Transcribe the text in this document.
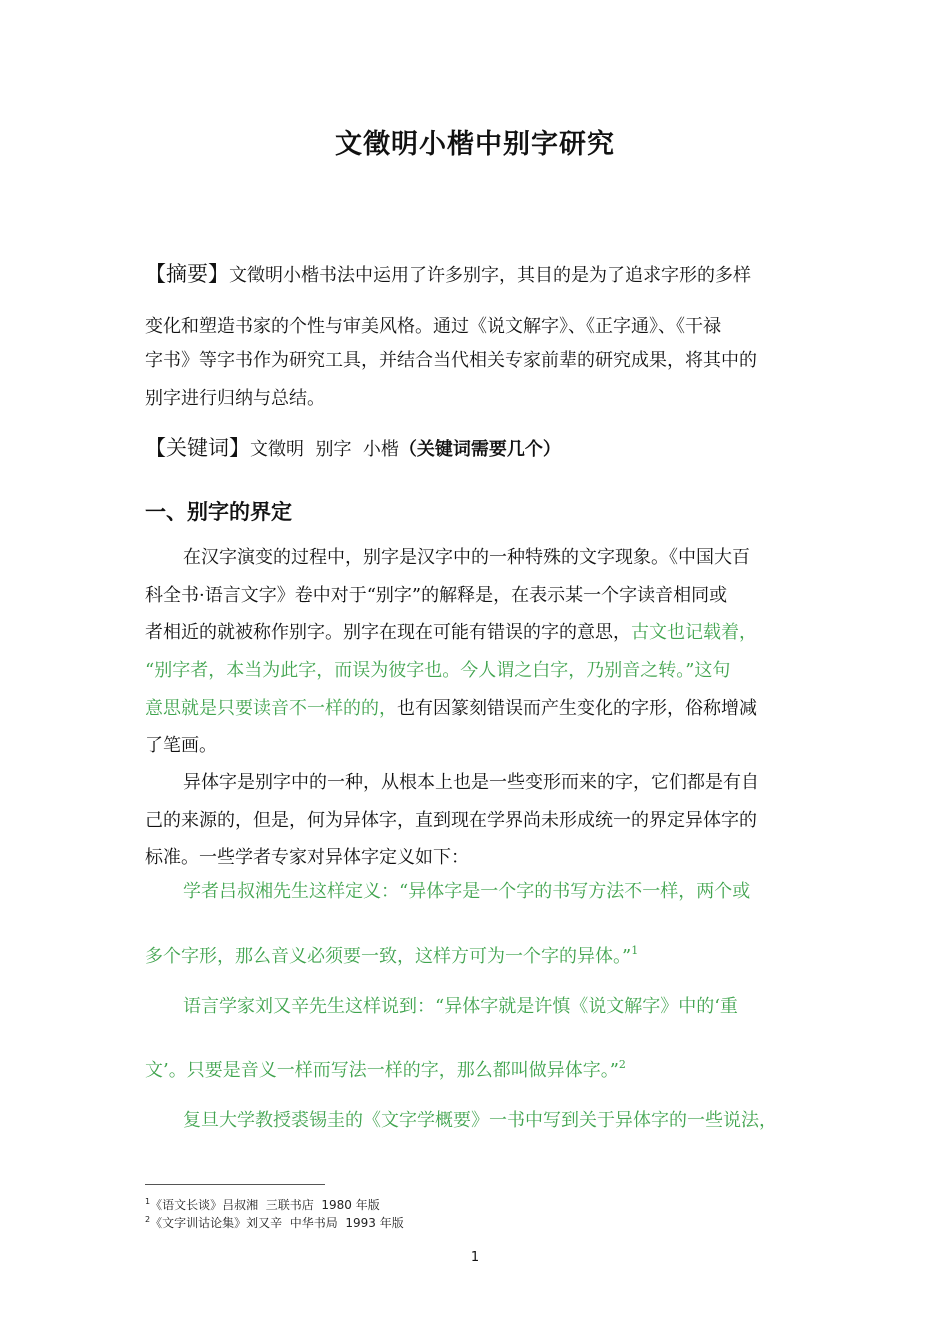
文徵明小楷中别字研究
【摘要】文徵明小楷书法中运用了许多别字，其目的是为了追求字形的多样
变化和塑造书家的个性与审美风格。通过《说文解字》、《正字通》、《干禄
字书》等字书作为研究工具，并结合当代相关专家前辈的研究成果，将其中的
别字进行归纳与总结。
【关键词】文徵明  别字  小楷（关键词需要几个）
一、别字的界定
在汉字演变的过程中，别字是汉字中的一种特殊的文字现象。《中国大百
科全书·语言文字》卷中对于“别字”的解释是，在表示某一个字读音相同或
者相近的就被称作别字。别字在现在可能有错误的字的意思，古文也记载着，
“别字者，本当为此字，而误为彼字也。今人谓之白字，乃别音之转。”这句
意思就是只要读音不一样的的，也有因篆刻错误而产生变化的字形，俗称增减
了笔画。
异体字是别字中的一种，从根本上也是一些变形而来的字，它们都是有自
己的来源的，但是，何为异体字，直到现在学界尚未形成统一的界定异体字的
标准。一些学者专家对异体字定义如下：
学者吕叔湘先生这样定义：“异体字是一个字的书写方法不一样，两个或
多个字形，那么音义必须要一致，这样方可为一个字的异体。”$^1$
语言学家刘又辛先生这样说到：“异体字就是许慎《说文解字》中的‘重
文’。只要是音义一样而写法一样的字，那么都叫做异体字。”$^2$
复旦大学教授裘锡圭的《文字学概要》一书中写到关于异体字的一些说法，
$^1$《语文长谈》吕叔湘  三联书店  1980 年版
$^2$《文字训诂论集》刘又辛  中华书局  1993 年版
1
